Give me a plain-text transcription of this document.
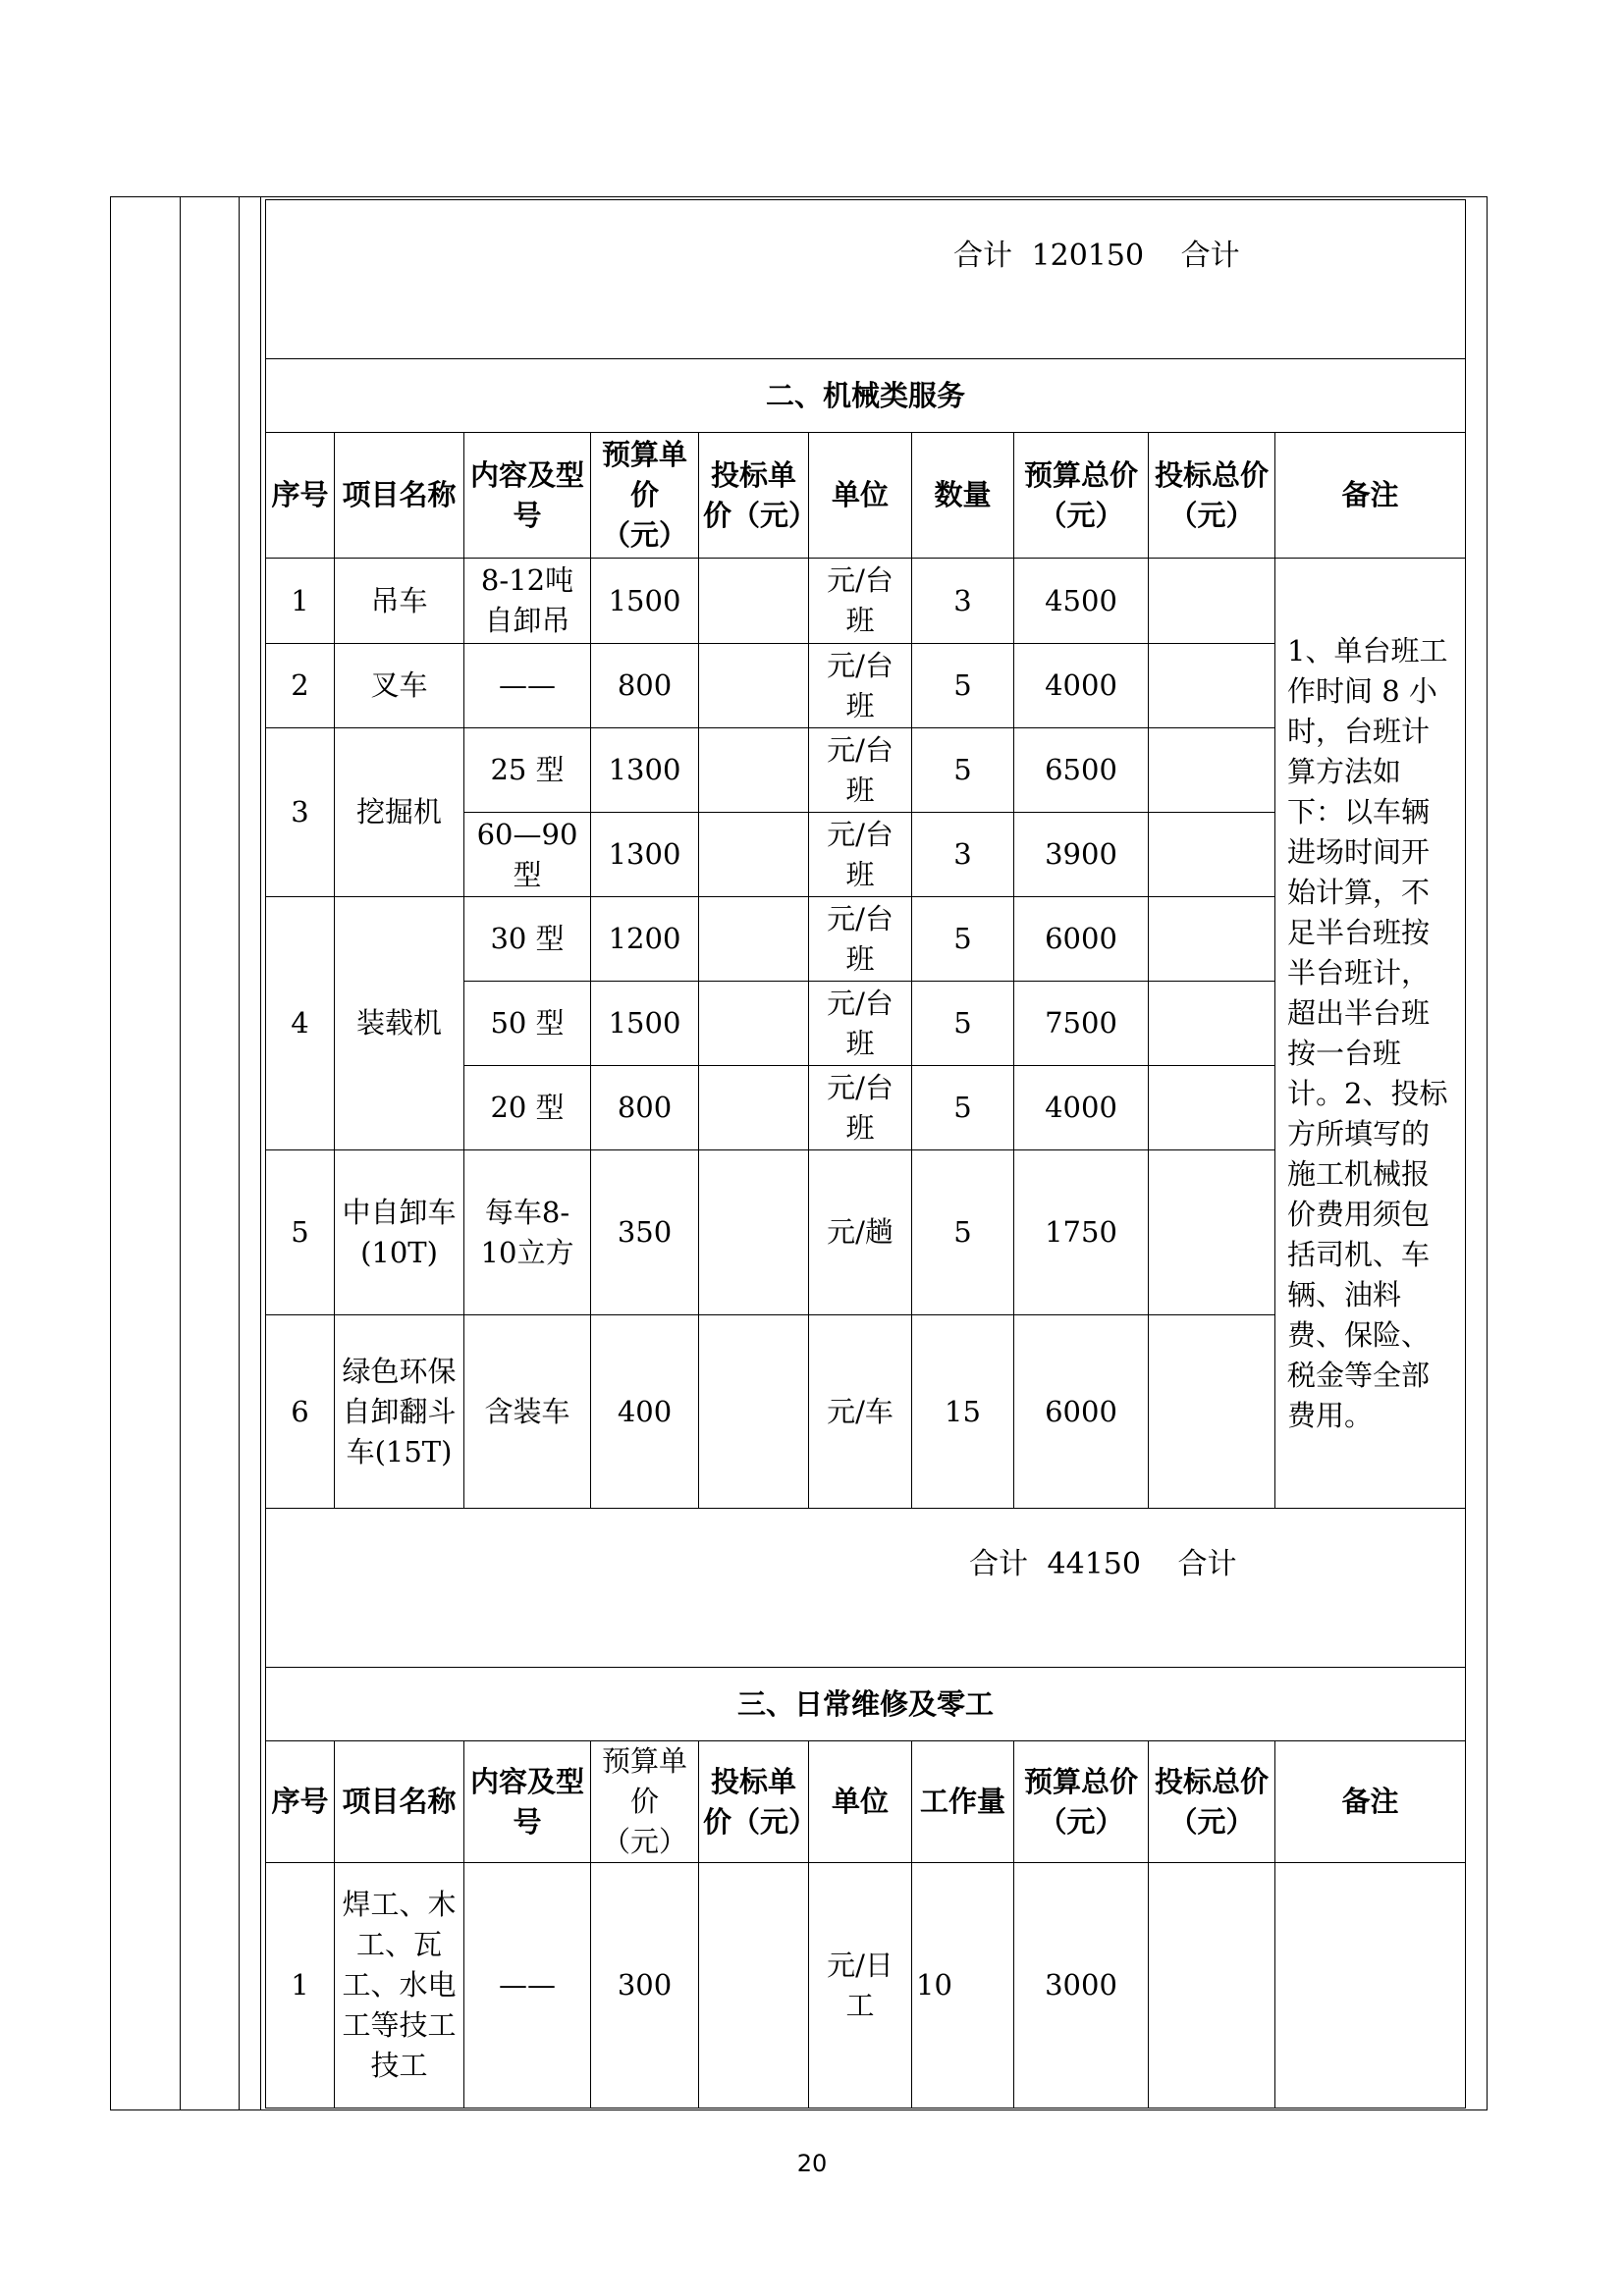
合计 120150 合计									

二、机械类服务									
序号	项目名称	内容及型号	预算单价（元）	投标单价（元）	单位	数量	预算总价（元）	投标总价（元）	备注
1	吊车	8-12吨自卸吊	1500		元/台班	3	4500		1、单台班工作时间 8 小时，台班计算方法如下：以车辆进场时间开始计算，不足半台班按半台班计，超出半台班按一台班计。2、投标方所填写的施工机械报价费用须包括司机、车辆、油料费、保险、税金等全部费用。
2	叉车	——	800		元/台班	5	4000		
3	挖掘机	25 型	1300		元/台班	5	6500		
		60—90型	1300		元/台班	3	3900		
4	装载机	30 型	1200		元/台班	5	6000		
		50 型	1500		元/台班	5	7500		
		20 型	800		元/台班	5	4000		
5	中自卸车(10T)	每车8-10立方	350		元/趟	5	1750		
6	绿色环保自卸翻斗车(15T)	含装车	400		元/车	15	6000		

合计 44150 合计									

三、日常维修及零工									
序号	项目名称	内容及型号	预算单价（元）	投标单价（元）	单位	工作量	预算总价（元）	投标总价（元）	备注
1	焊工、木工、瓦工、水电工等技工技工	——	300		元/日工	10	3000		
20
